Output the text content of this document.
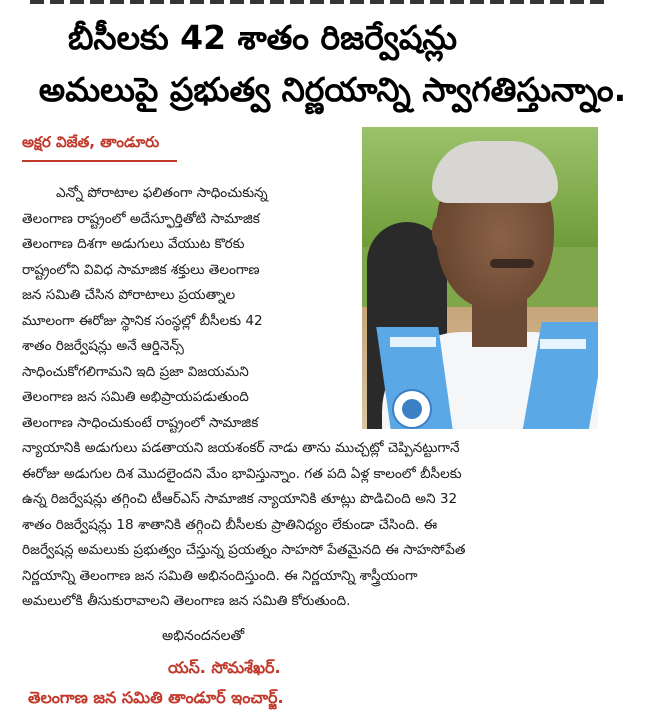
బీసీలకు 42 శాతం రిజర్వేషన్లు
అమలుపై ప్రభుత్వ నిర్ణయాన్ని స్వాగతిస్తున్నాం.
అక్షర విజేత, తాండూరు
ఎన్నో పోరాటాల ఫలితంగా సాధించుకున్న
తెలంగాణ రాష్ట్రంలో అదేస్ఫూర్తితోటి సామాజిక
తెలంగాణ దిశగా అడుగులు వేయుట కొరకు
రాష్ట్రంలోని వివిధ సామాజిక శక్తులు తెలంగాణ
జన సమితి చేసిన పోరాటాలు ప్రయత్నాల
మూలంగా ఈరోజు స్థానిక సంస్థల్లో బీసీలకు 42
శాతం రిజర్వేషన్లు అనే ఆర్డినెన్స్
సాధించుకోగలిగామని ఇది ప్రజా విజయమని
తెలంగాణ జన సమితి అభిప్రాయపడుతుంది
తెలంగాణ సాధించుకుంటే రాష్ట్రంలో సామాజిక
న్యాయానికి అడుగులు పడతాయని జయశంకర్ నాడు తాను ముచ్చట్లో చెప్పినట్టుగానే
ఈరోజు అడుగుల దిశ మొదలైందని మేం భావిస్తున్నాం. గత పది ఏళ్ల కాలంలో బీసీలకు
ఉన్న రిజర్వేషన్లు తగ్గించి టీఆర్ఎస్ సామాజిక న్యాయానికి తూట్లు పొడిచింది అని 32
శాతం రిజర్వేషన్లు 18 శాతానికి తగ్గించి బీసీలకు ప్రాతినిధ్యం లేకుండా చేసింది. ఈ
రిజర్వేషన్ల అమలుకు ప్రభుత్వం చేస్తున్న ప్రయత్నం సాహసో పేతమైనది ఈ సాహసోపేత
నిర్ణయాన్ని తెలంగాణ జన సమితి అభినందిస్తుంది. ఈ నిర్ణయాన్ని శాస్త్రీయంగా
అమలులోకి తీసుకురావాలని తెలంగాణ జన సమితి కోరుతుంది.
అభినందనలతో
యస్. సోమశేఖర్.
తెలంగాణ జన సమితి తాండూర్ ఇంచార్జ్.
